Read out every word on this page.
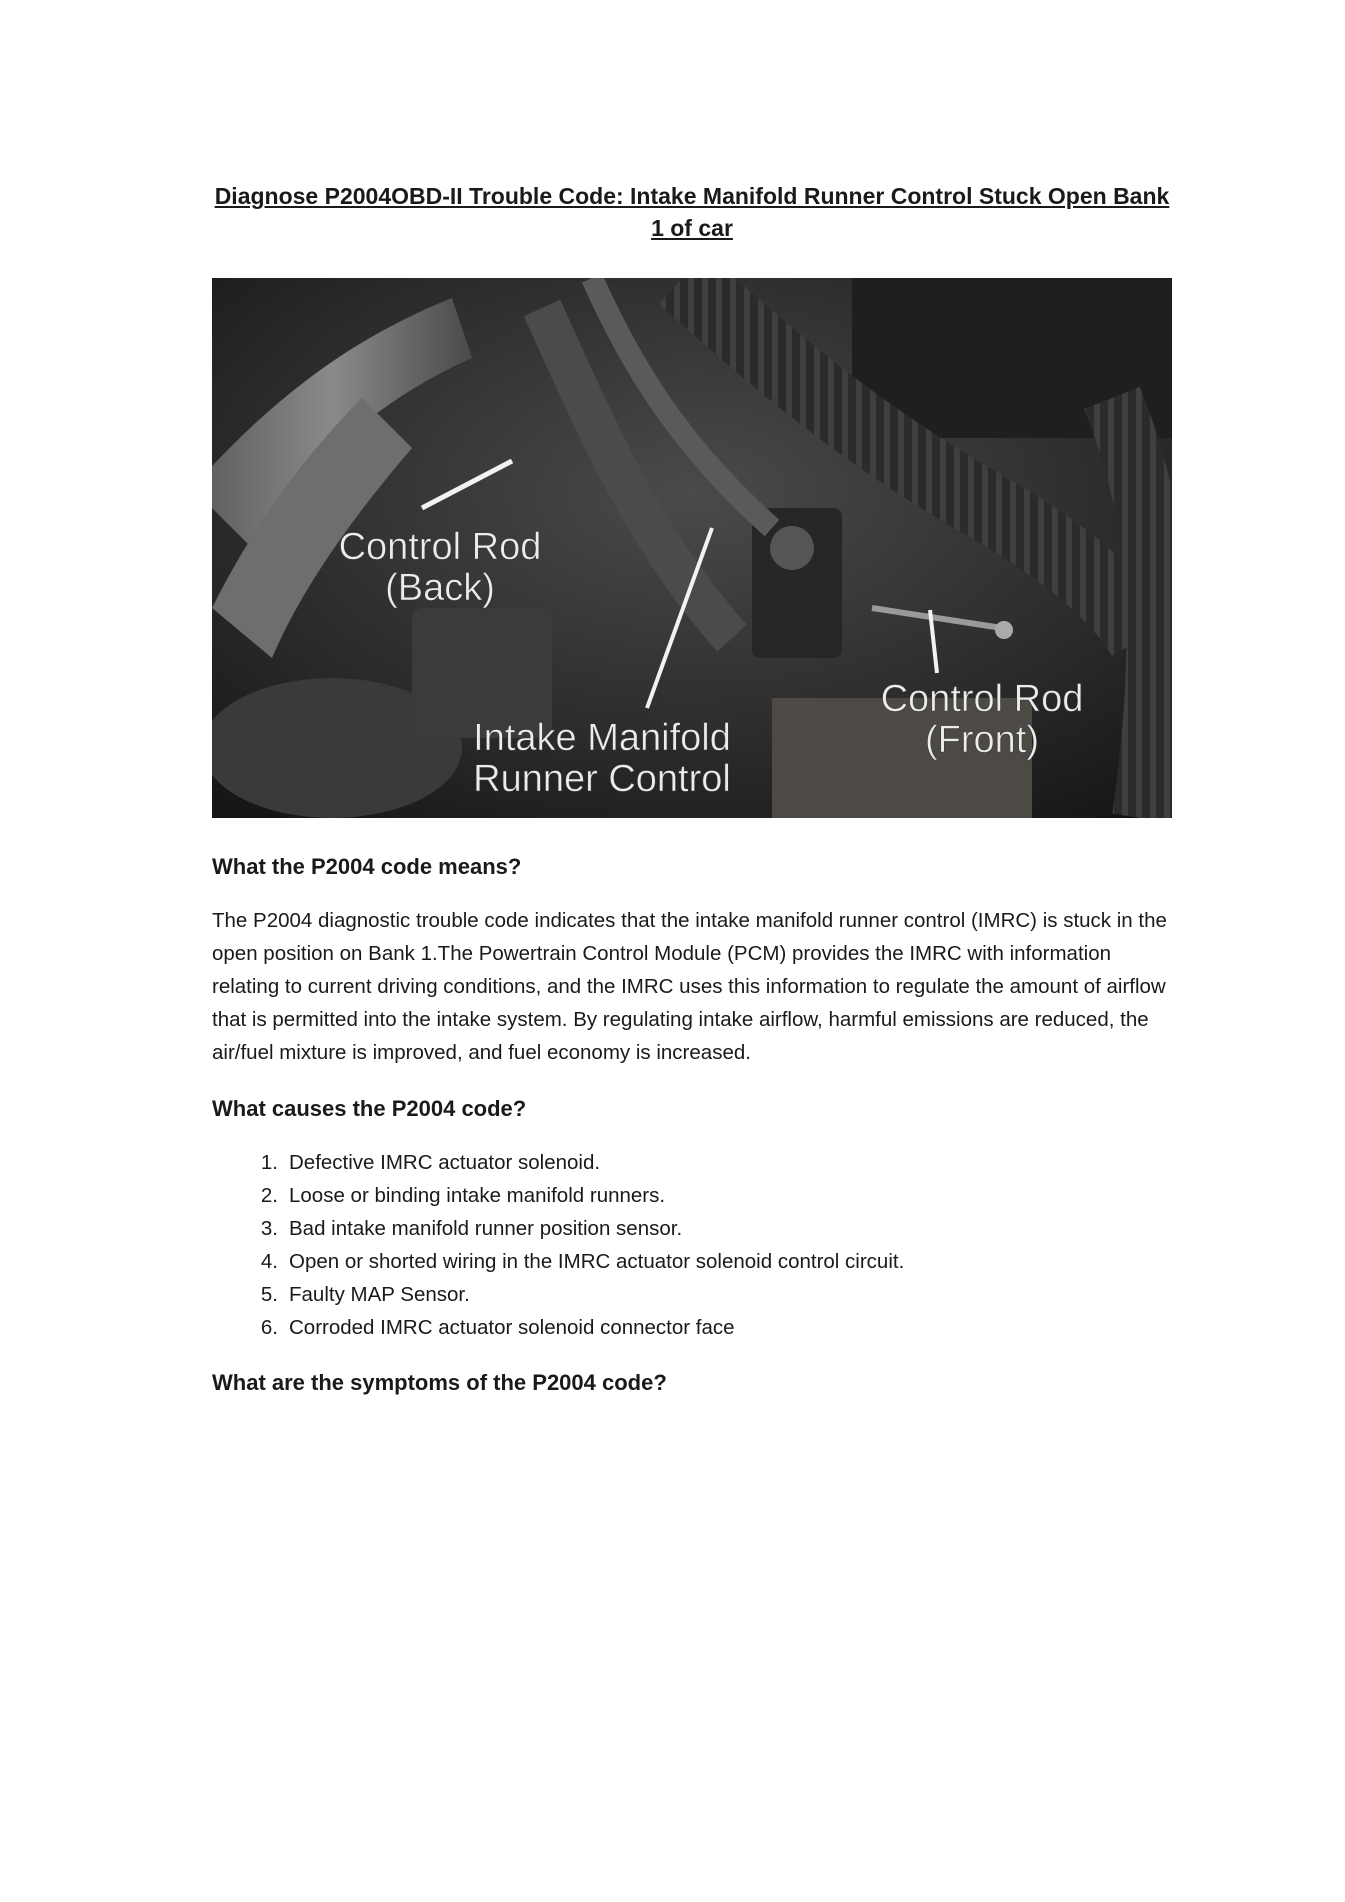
Diagnose P2004OBD-II Trouble Code: Intake Manifold Runner Control Stuck Open Bank 1 of car
Control Rod
(Back)
Intake Manifold
Runner Control
Control Rod
(Front)
What the P2004 code means?

The P2004 diagnostic trouble code indicates that the intake manifold runner control (IMRC) is stuck in the open position on Bank 1.The Powertrain Control Module (PCM) provides the IMRC with information relating to current driving conditions, and the IMRC uses this information to regulate the amount of airflow that is permitted into the intake system. By regulating intake airflow, harmful emissions are reduced, the air/fuel mixture is improved, and fuel economy is increased.

What causes the P2004 code?
1. Defective IMRC actuator solenoid.
2. Loose or binding intake manifold runners.
3. Bad intake manifold runner position sensor.
4. Open or shorted wiring in the IMRC actuator solenoid control circuit.
5. Faulty MAP Sensor.
6. Corroded IMRC actuator solenoid connector face
What are the symptoms of the P2004 code?
